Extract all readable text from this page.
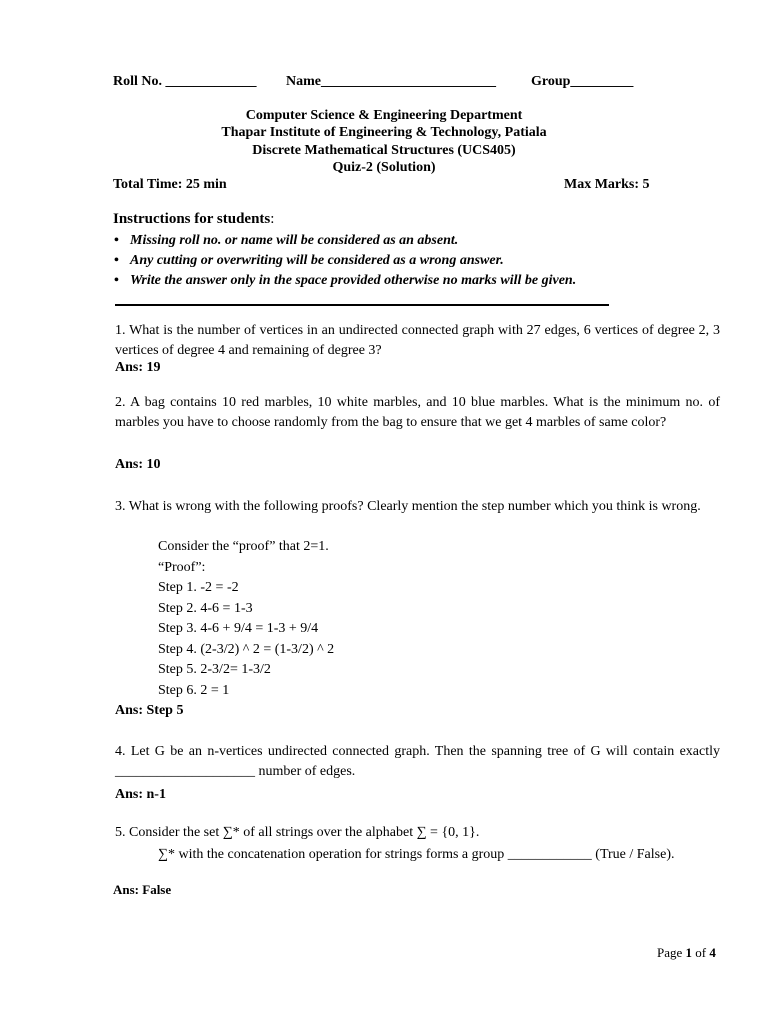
Roll No. _____________ Name_________________________	Group_________
Computer Science & Engineering Department
Thapar Institute of Engineering & Technology, Patiala
Discrete Mathematical Structures (UCS405)
Quiz-2 (Solution)
Total Time: 25 min	Max Marks: 5
Instructions for students:
• Missing roll no. or name will be considered as an absent.
• Any cutting or overwriting will be considered as a wrong answer.
• Write the answer only in the space provided otherwise no marks will be given.
1. What is the number of vertices in an undirected connected graph with 27 edges, 6 vertices of degree 2, 3 vertices of degree 4 and remaining of degree 3?
Ans: 19
2. A bag contains 10 red marbles, 10 white marbles, and 10 blue marbles. What is the minimum no. of marbles you have to choose randomly from the bag to ensure that we get 4 marbles of same color?
Ans: 10
3. What is wrong with the following proofs? Clearly mention the step number which you think is wrong.
Consider the “proof” that 2=1.
“Proof”:
Step 1. -2 = -2
Step 2. 4-6 = 1-3
Step 3. 4-6 + 9/4 = 1-3 + 9/4
Step 4. (2-3/2) ^ 2 = (1-3/2) ^ 2
Step 5. 2-3/2= 1-3/2
Step 6. 2 = 1
Ans: Step 5
4. Let G be an n-vertices undirected connected graph. Then the spanning tree of G will contain exactly ____________________ number of edges.
Ans: n-1
5. Consider the set ∑* of all strings over the alphabet ∑ = {0, 1}.
∑* with the concatenation operation for strings forms a group ____________ (True / False).
Ans: False
Page 1 of 4
